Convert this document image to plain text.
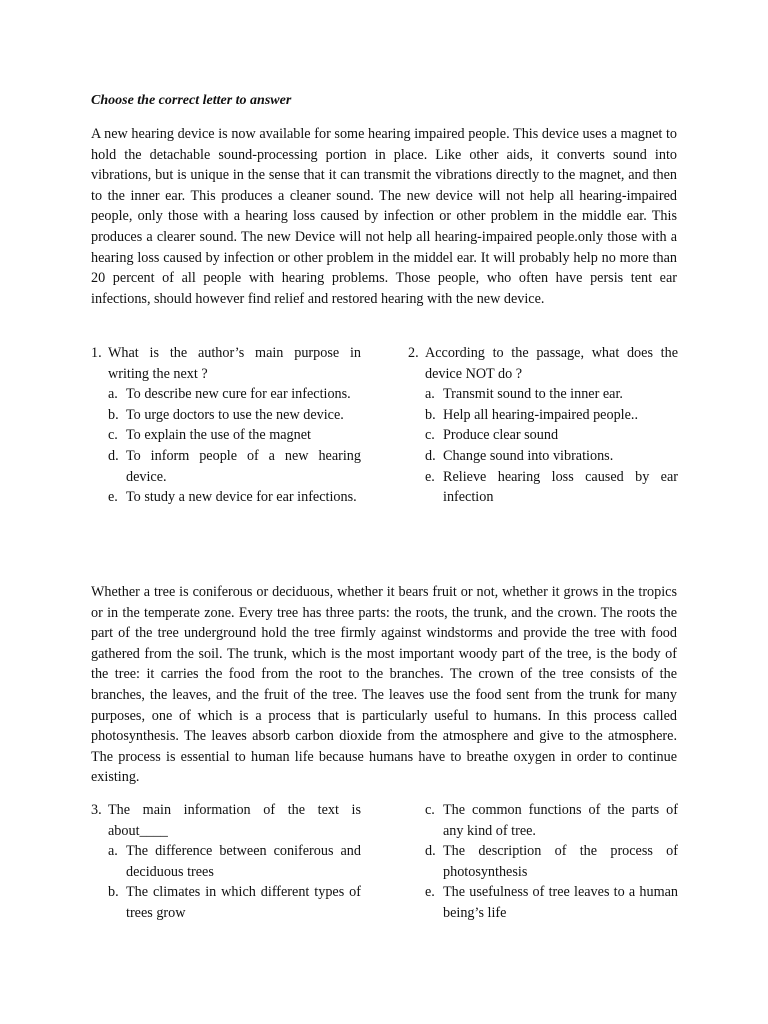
Choose the correct letter to answer

A new hearing device is now available for some hearing impaired people. This device uses a magnet to hold the detachable sound-processing portion in place. Like other aids, it converts sound into vibrations, but is unique in the sense that it can transmit the vibrations directly to the magnet, and then to the inner ear. This produces a cleaner sound. The new device will not help all hearing-impaired people, only those with a hearing loss caused by infection or other problem in the middle ear. This produces a clearer sound. The new Device will not help all hearing-impaired people.only those with a hearing loss caused by infection or other problem in the middel ear. It will probably help no more than 20 percent of all people with hearing problems. Those people, who often have persis tent ear infections, should however find relief and restored hearing with the new device.

1. What is the author’s main purpose in writing the next ?
a. To describe new cure for ear infections.
b. To urge doctors to use the new device.
c. To explain the use of the magnet
d. To inform people of a new hearing device.
e. To study a new device for ear infections.
2. According to the passage, what does the device NOT do ?
a. Transmit sound to the inner ear.
b. Help all hearing-impaired people..
c. Produce clear sound
d. Change sound into vibrations.
e. Relieve hearing loss caused by ear infection

Whether a tree is coniferous or deciduous, whether it bears fruit or not, whether it grows in the tropics or in the temperate zone. Every tree has three parts: the roots, the trunk, and the crown. The roots the part of the tree underground hold the tree firmly against windstorms and provide the tree with food gathered from the soil. The trunk, which is the most important woody part of the tree, is the body of the tree: it carries the food from the root to the branches. The crown of the tree consists of the branches, the leaves, and the fruit of the tree. The leaves use the food sent from the trunk for many purposes, one of which is a process that is particularly useful to humans. In this process called photosynthesis. The leaves absorb carbon dioxide from the atmosphere and give to the atmosphere. The process is essential to human life because humans have to breathe oxygen in order to continue existing.

3. The main information of the text is about____
a. The difference between coniferous and deciduous trees
b. The climates in which different types of trees grow
c. The common functions of the parts of any kind of tree.
d. The description of the process of photosynthesis
e. The usefulness of tree leaves to a human being’s life
